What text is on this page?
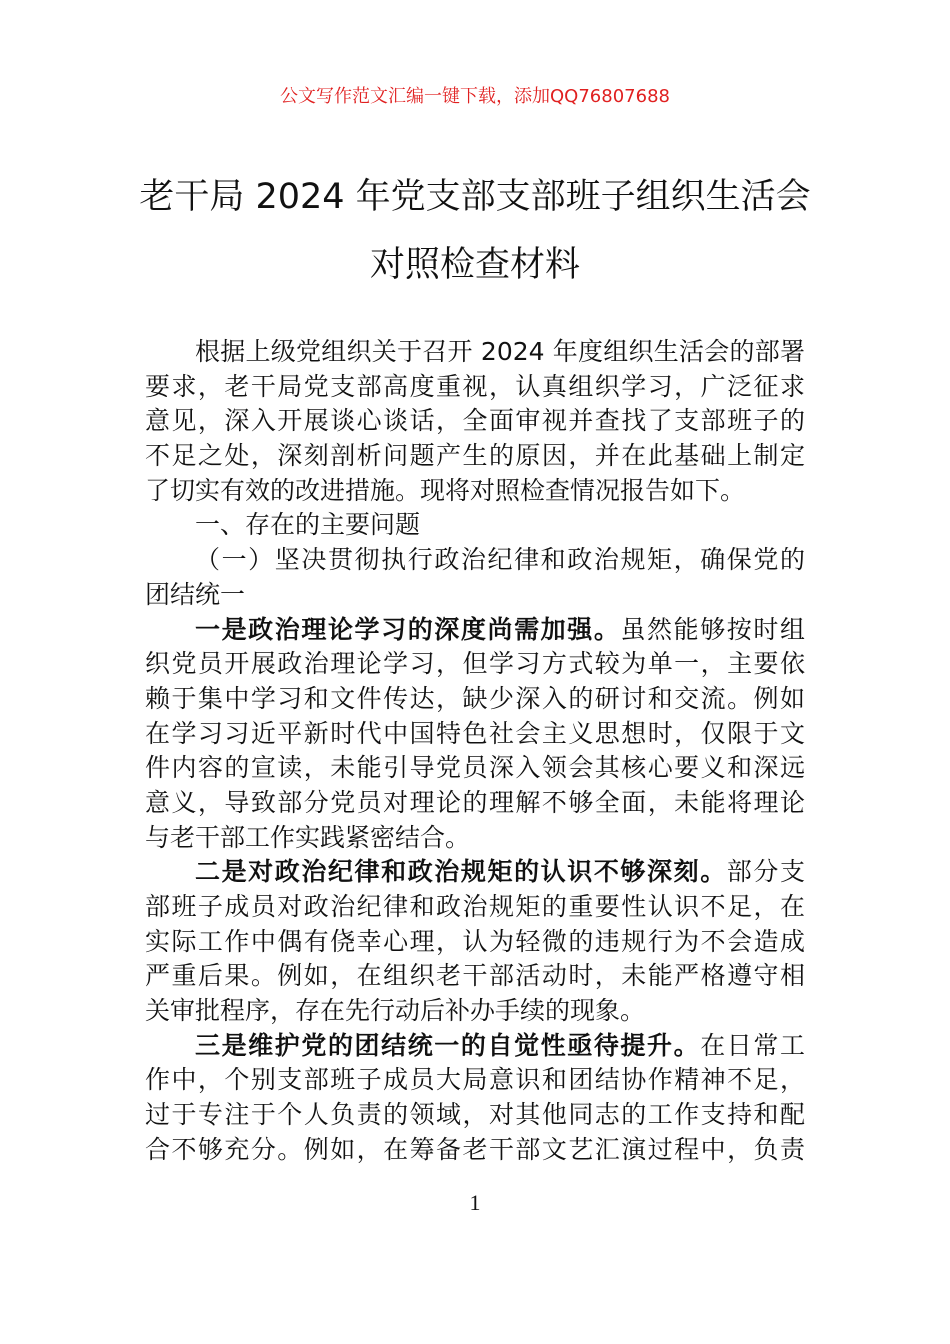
公文写作范文汇编一键下载，添加QQ76807688
老干局 2024 年党支部支部班子组织生活会
对照检查材料
根据上级党组织关于召开 2024 年度组织生活会的部署
要求，老干局党支部高度重视，认真组织学习，广泛征求
意见，深入开展谈心谈话，全面审视并查找了支部班子的
不足之处，深刻剖析问题产生的原因，并在此基础上制定
了切实有效的改进措施。现将对照检查情况报告如下。
一、存在的主要问题
（一）坚决贯彻执行政治纪律和政治规矩，确保党的
团结统一
一是政治理论学习的深度尚需加强。虽然能够按时组
织党员开展政治理论学习，但学习方式较为单一，主要依
赖于集中学习和文件传达，缺少深入的研讨和交流。例如
在学习习近平新时代中国特色社会主义思想时，仅限于文
件内容的宣读，未能引导党员深入领会其核心要义和深远
意义，导致部分党员对理论的理解不够全面，未能将理论
与老干部工作实践紧密结合。
二是对政治纪律和政治规矩的认识不够深刻。部分支
部班子成员对政治纪律和政治规矩的重要性认识不足，在
实际工作中偶有侥幸心理，认为轻微的违规行为不会造成
严重后果。例如，在组织老干部活动时，未能严格遵守相
关审批程序，存在先行动后补办手续的现象。
三是维护党的团结统一的自觉性亟待提升。在日常工
作中，个别支部班子成员大局意识和团结协作精神不足，
过于专注于个人负责的领域，对其他同志的工作支持和配
合不够充分。例如，在筹备老干部文艺汇演过程中，负责
1
